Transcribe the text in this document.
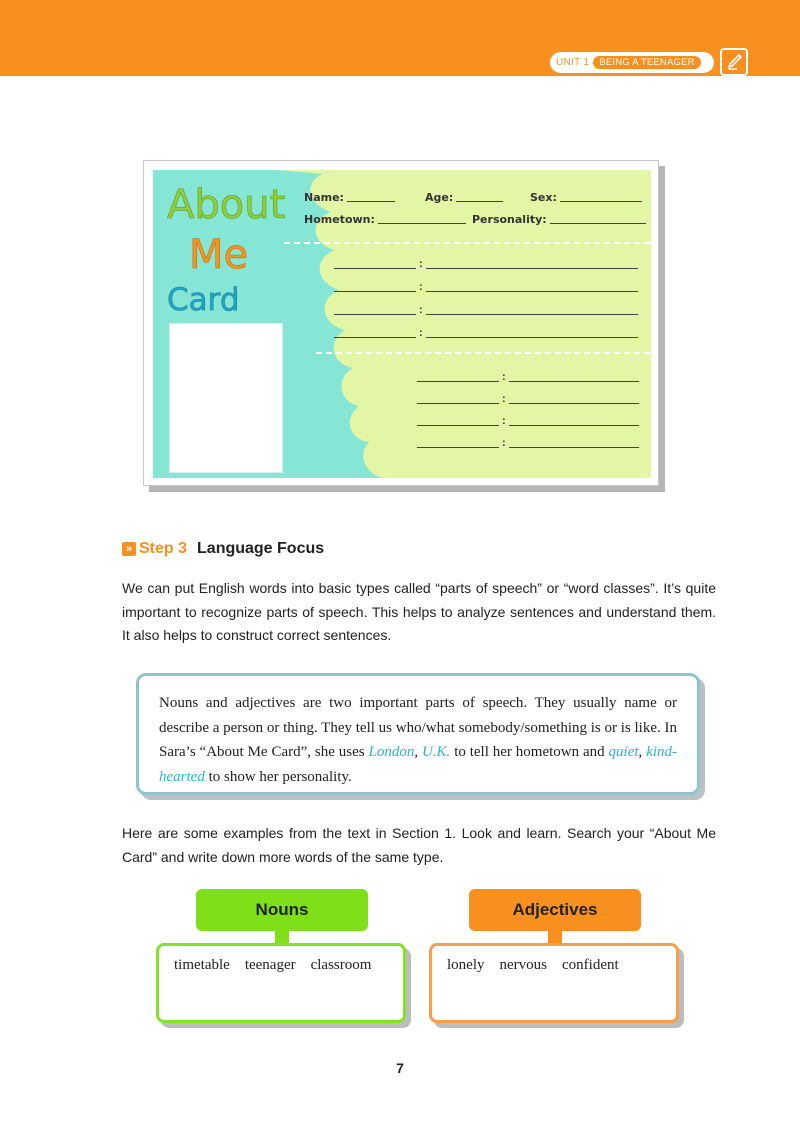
UNIT 1	BEING A TEENAGER
About
Me
Card
Name:	Age:	Sex:
Hometown:	Personality:
:
:
:
:
:
:
:
:
» Step 3 Language Focus

We can put English words into basic types called “parts of speech” or “word classes”. It’s quite important to recognize parts of speech. This helps to analyze sentences and understand them. It also helps to construct correct sentences.

Nouns and adjectives are two important parts of speech. They usually name or describe a person or thing. They tell us who/what somebody/something is or is like. In Sara’s “About Me Card”, she uses London, U.K. to tell her hometown and quiet, kind-hearted to show her personality.

Here are some examples from the text in Section 1. Look and learn. Search your “About Me Card” and write down more words of the same type.

Nouns
timetable teenager classroom
Adjectives
lonely nervous confident
7
